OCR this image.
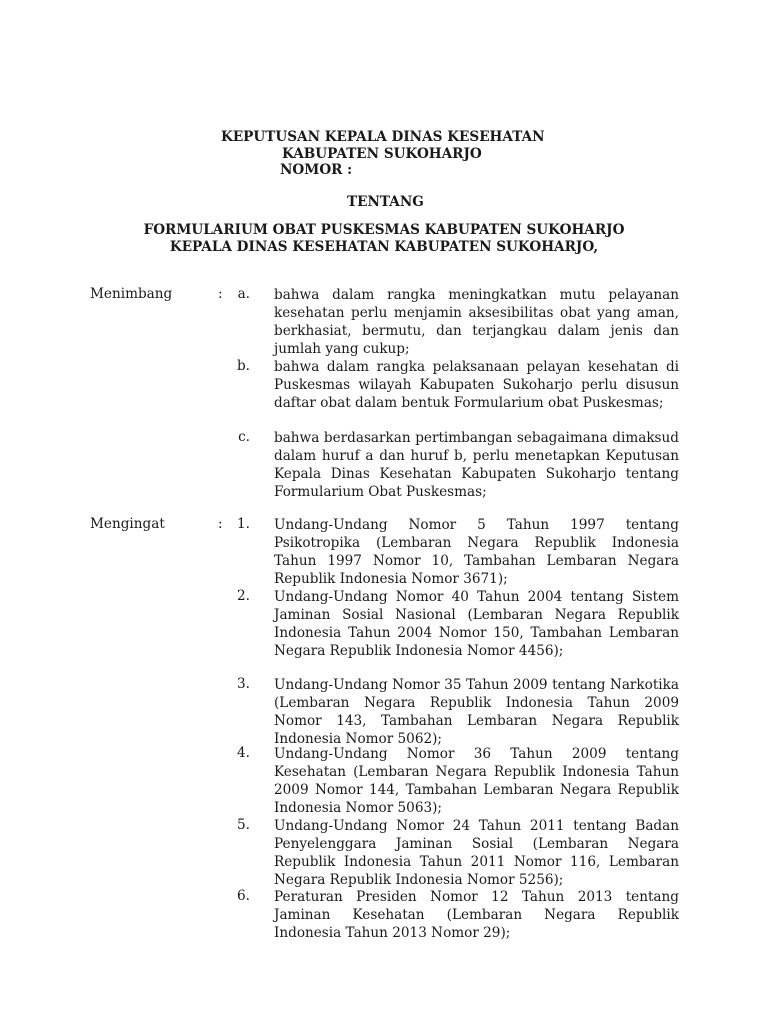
KEPUTUSAN KEPALA DINAS KESEHATAN
KABUPATEN SUKOHARJO
NOMOR :
TENTANG
FORMULARIUM OBAT PUSKESMAS KABUPATEN SUKOHARJO
KEPALA DINAS KESEHATAN KABUPATEN SUKOHARJO,
Menimbang	:	a. bahwa dalam rangka meningkatkan mutu pelayanan kesehatan perlu menjamin aksesibilitas obat yang aman, berkhasiat, bermutu, dan terjangkau dalam jenis dan jumlah yang cukup;
b. bahwa dalam rangka pelaksanaan pelayan kesehatan di Puskesmas wilayah Kabupaten Sukoharjo perlu disusun daftar obat dalam bentuk Formularium obat Puskesmas;
c. bahwa berdasarkan pertimbangan sebagaimana dimaksud dalam huruf a dan huruf b, perlu menetapkan Keputusan Kepala Dinas Kesehatan Kabupaten Sukoharjo tentang Formularium Obat Puskesmas;
Mengingat	:	1. Undang-Undang Nomor 5 Tahun 1997 tentang Psikotropika (Lembaran Negara Republik Indonesia Tahun 1997 Nomor 10, Tambahan Lembaran Negara Republik Indonesia Nomor 3671);
2. Undang-Undang Nomor 40 Tahun 2004 tentang Sistem Jaminan Sosial Nasional (Lembaran Negara Republik Indonesia Tahun 2004 Nomor 150, Tambahan Lembaran Negara Republik Indonesia Nomor 4456);
3. Undang-Undang Nomor 35 Tahun 2009 tentang Narkotika (Lembaran Negara Republik Indonesia Tahun 2009 Nomor 143, Tambahan Lembaran Negara Republik Indonesia Nomor 5062);
4. Undang-Undang Nomor 36 Tahun 2009 tentang Kesehatan (Lembaran Negara Republik Indonesia Tahun 2009 Nomor 144, Tambahan Lembaran Negara Republik Indonesia Nomor 5063);
5. Undang-Undang Nomor 24 Tahun 2011 tentang Badan Penyelenggara Jaminan Sosial (Lembaran Negara Republik Indonesia Tahun 2011 Nomor 116, Lembaran Negara Republik Indonesia Nomor 5256);
6. Peraturan Presiden Nomor 12 Tahun 2013 tentang Jaminan Kesehatan (Lembaran Negara Republik Indonesia Tahun 2013 Nomor 29);
